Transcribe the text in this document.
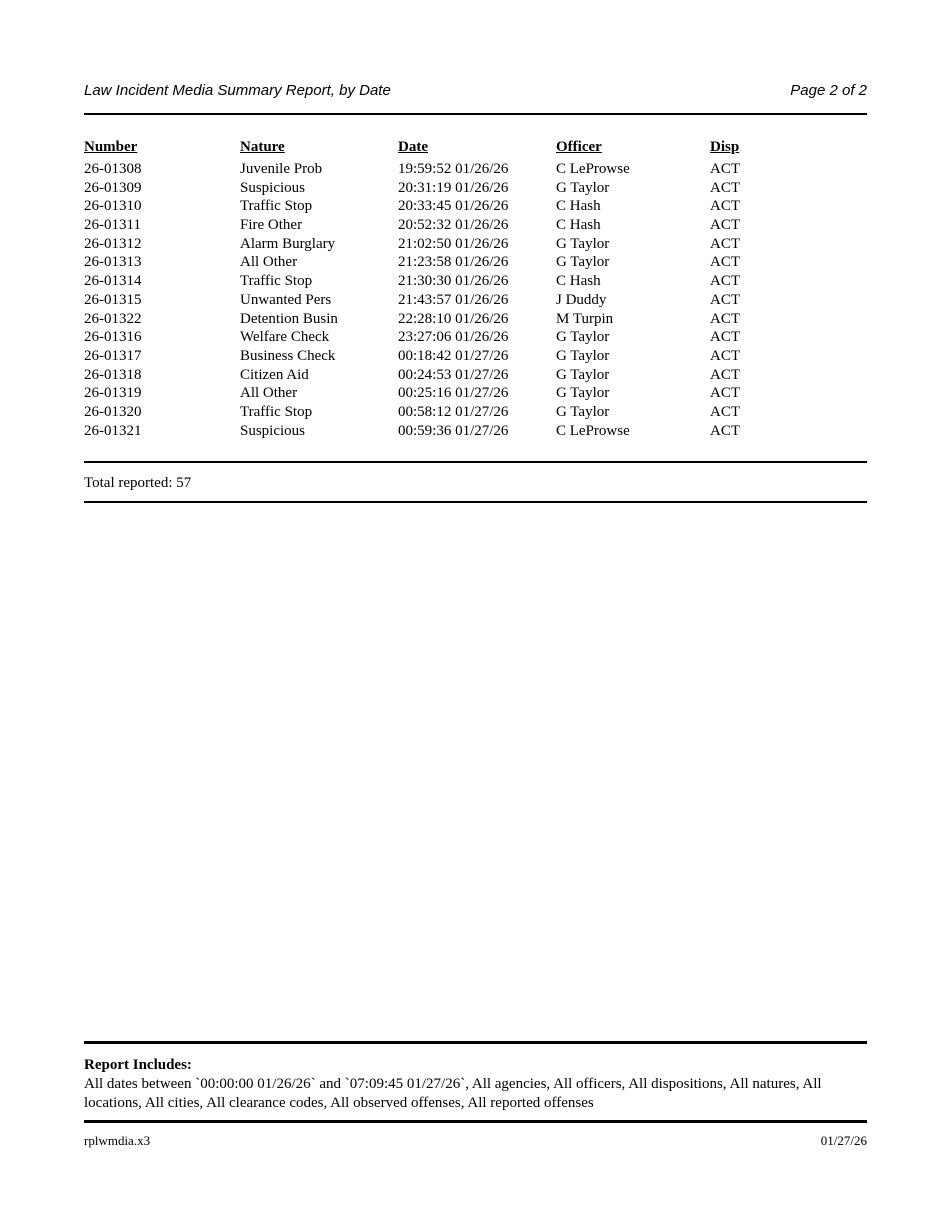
Law Incident Media Summary Report, by Date	Page 2 of 2
Number	Nature	Date	Officer	Disp
26-01308	Juvenile Prob	19:59:52 01/26/26	C LeProwse	ACT
26-01309	Suspicious	20:31:19 01/26/26	G Taylor	ACT
26-01310	Traffic Stop	20:33:45 01/26/26	C Hash	ACT
26-01311	Fire Other	20:52:32 01/26/26	C Hash	ACT
26-01312	Alarm Burglary	21:02:50 01/26/26	G Taylor	ACT
26-01313	All Other	21:23:58 01/26/26	G Taylor	ACT
26-01314	Traffic Stop	21:30:30 01/26/26	C Hash	ACT
26-01315	Unwanted Pers	21:43:57 01/26/26	J Duddy	ACT
26-01322	Detention Busin	22:28:10 01/26/26	M Turpin	ACT
26-01316	Welfare Check	23:27:06 01/26/26	G Taylor	ACT
26-01317	Business Check	00:18:42 01/27/26	G Taylor	ACT
26-01318	Citizen Aid	00:24:53 01/27/26	G Taylor	ACT
26-01319	All Other	00:25:16 01/27/26	G Taylor	ACT
26-01320	Traffic Stop	00:58:12 01/27/26	G Taylor	ACT
26-01321	Suspicious	00:59:36 01/27/26	C LeProwse	ACT
Total reported: 57
Report Includes:
All dates between `00:00:00 01/26/26` and `07:09:45 01/27/26`, All agencies, All officers, All dispositions, All natures, All locations, All cities, All clearance codes, All observed offenses, All reported offenses
rplwmdia.x3	01/27/26
